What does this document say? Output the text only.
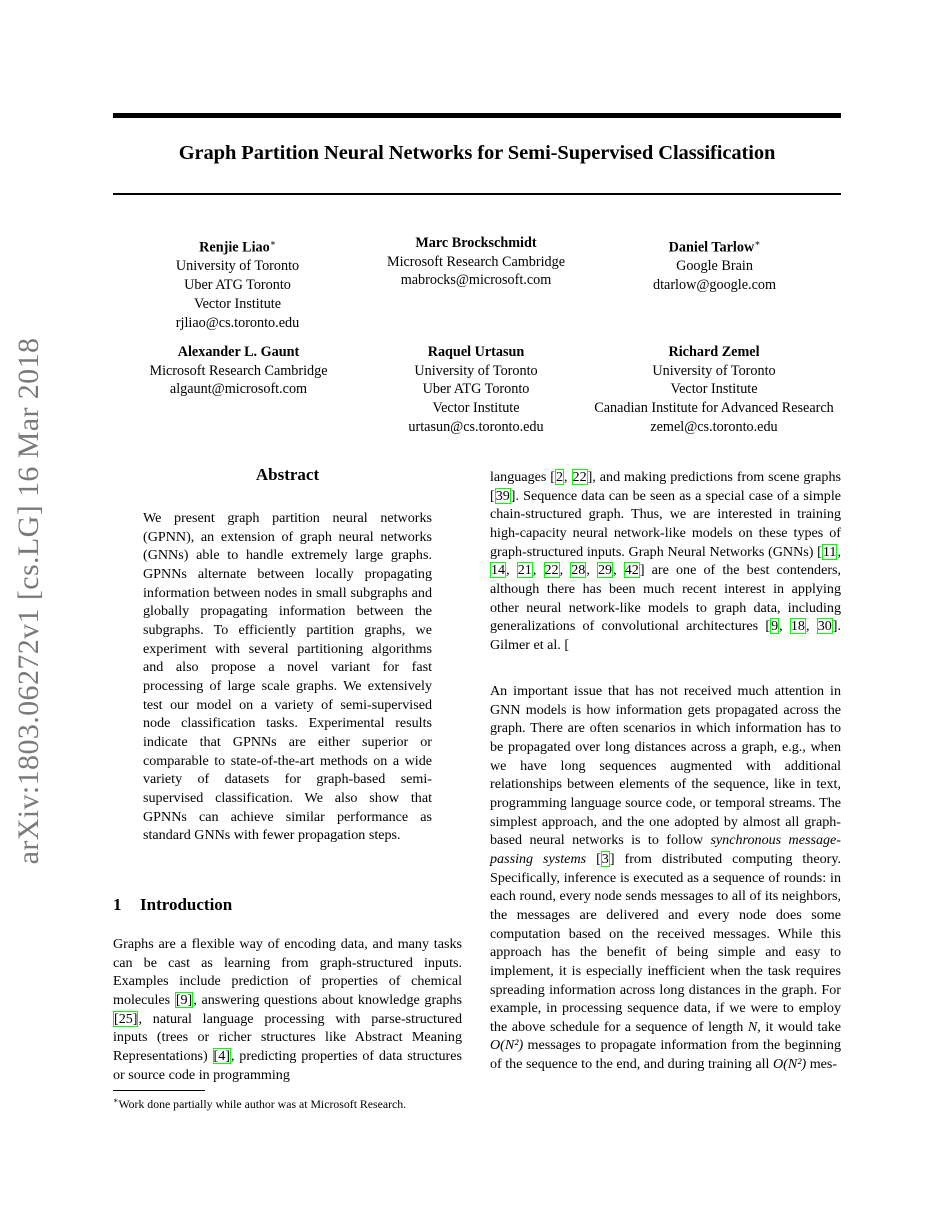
Graph Partition Neural Networks for Semi-Supervised Classification
arXiv:1803.06272v1 [cs.LG] 16 Mar 2018
Renjie Liao∗
University of Toronto
Uber ATG Toronto
Vector Institute
rjliao@cs.toronto.edu
Marc Brockschmidt
Microsoft Research Cambridge
mabrocks@microsoft.com
Daniel Tarlow∗
Google Brain
dtarlow@google.com
Alexander L. Gaunt
Microsoft Research Cambridge
algaunt@microsoft.com
Raquel Urtasun
University of Toronto
Uber ATG Toronto
Vector Institute
urtasun@cs.toronto.edu
Richard Zemel
University of Toronto
Vector Institute
Canadian Institute for Advanced Research
zemel@cs.toronto.edu
Abstract
We present graph partition neural networks (GPNN), an extension of graph neural networks (GNNs) able to handle extremely large graphs. GPNNs alternate between locally propagating information between nodes in small subgraphs and globally propagating information between the subgraphs. To efficiently partition graphs, we experiment with several partitioning algorithms and also propose a novel variant for fast processing of large scale graphs. We extensively test our model on a variety of semi-supervised node classification tasks. Experimental results indicate that GPNNs are either superior or comparable to state-of-the-art methods on a wide variety of datasets for graph-based semi-supervised classification. We also show that GPNNs can achieve similar performance as standard GNNs with fewer propagation steps.
1 Introduction
Graphs are a flexible way of encoding data, and many tasks can be cast as learning from graph-structured inputs. Examples include prediction of properties of chemical molecules [9], answering questions about knowledge graphs [25], natural language processing with parse-structured inputs (trees or richer structures like Abstract Meaning Representations) [4], predicting properties of data structures or source code in programming
∗Work done partially while author was at Microsoft Research.
languages [2, 22], and making predictions from scene graphs [39]. Sequence data can be seen as a special case of a simple chain-structured graph. Thus, we are interested in training high-capacity neural network-like models on these types of graph-structured inputs. Graph Neural Networks (GNNs) [11, 14, 21, 22, 28, 29, 42] are one of the best contenders, although there has been much recent interest in applying other neural network-like models to graph data, including generalizations of convolutional architectures [9, 18, 30]. Gilmer et al. [
An important issue that has not received much attention in GNN models is how information gets propagated across the graph. There are often scenarios in which information has to be propagated over long distances across a graph, e.g., when we have long sequences augmented with additional relationships between elements of the sequence, like in text, programming language source code, or temporal streams. The simplest approach, and the one adopted by almost all graph-based neural networks is to follow synchronous message-passing systems [3] from distributed computing theory. Specifically, inference is executed as a sequence of rounds: in each round, every node sends messages to all of its neighbors, the messages are delivered and every node does some computation based on the received messages. While this approach has the benefit of being simple and easy to implement, it is especially inefficient when the task requires spreading information across long distances in the graph. For example, in processing sequence data, if we were to employ the above schedule for a sequence of length N, it would take O(N²) messages to propagate information from the beginning of the sequence to the end, and during training all O(N²) mes-
